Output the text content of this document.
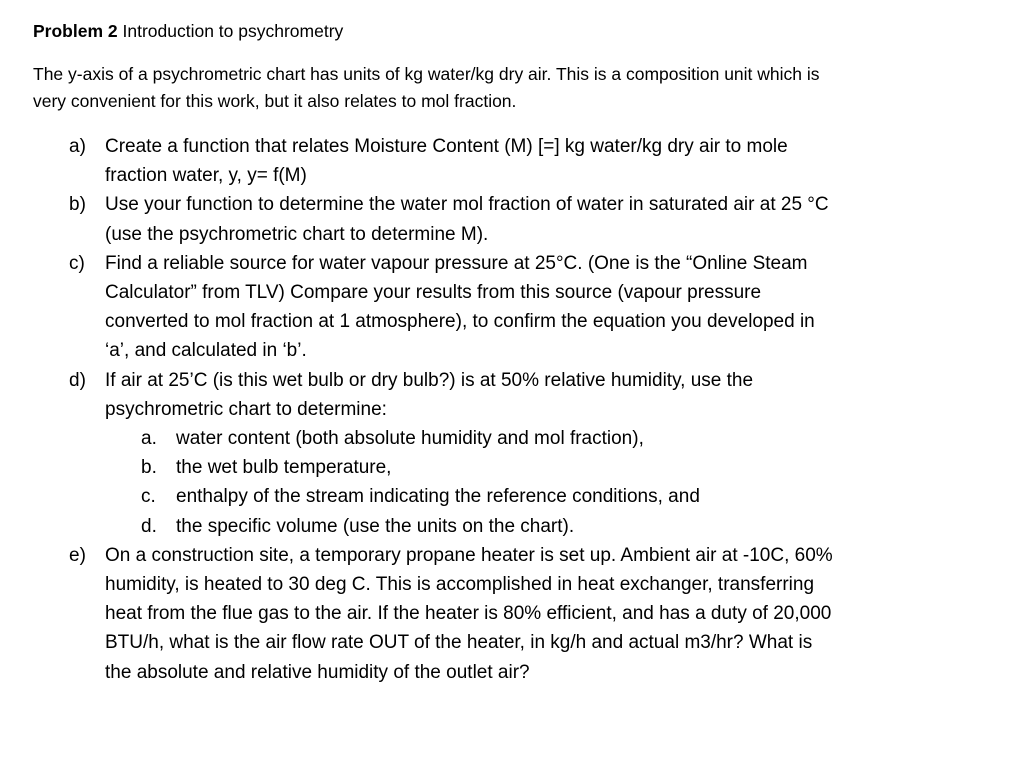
Problem 2 Introduction to psychrometry

The y-axis of a psychrometric chart has units of kg water/kg dry air. This is a composition unit which is
very convenient for this work, but it also relates to mol fraction.

a) Create a function that relates Moisture Content (M) [=] kg water/kg dry air to mole
fraction water, y, y= f(M)
b) Use your function to determine the water mol fraction of water in saturated air at 25 °C
(use the psychrometric chart to determine M).
c) Find a reliable source for water vapour pressure at 25°C. (One is the “Online Steam
Calculator” from TLV) Compare your results from this source (vapour pressure
converted to mol fraction at 1 atmosphere), to confirm the equation you developed in
‘a’, and calculated in ‘b’.
d) If air at 25’C (is this wet bulb or dry bulb?) is at 50% relative humidity, use the
psychrometric chart to determine:
a. water content (both absolute humidity and mol fraction),
b. the wet bulb temperature,
c. enthalpy of the stream indicating the reference conditions, and
d. the specific volume (use the units on the chart).
e) On a construction site, a temporary propane heater is set up. Ambient air at -10C, 60%
humidity, is heated to 30 deg C. This is accomplished in heat exchanger, transferring
heat from the flue gas to the air. If the heater is 80% efficient, and has a duty of 20,000
BTU/h, what is the air flow rate OUT of the heater, in kg/h and actual m3/hr? What is
the absolute and relative humidity of the outlet air?
